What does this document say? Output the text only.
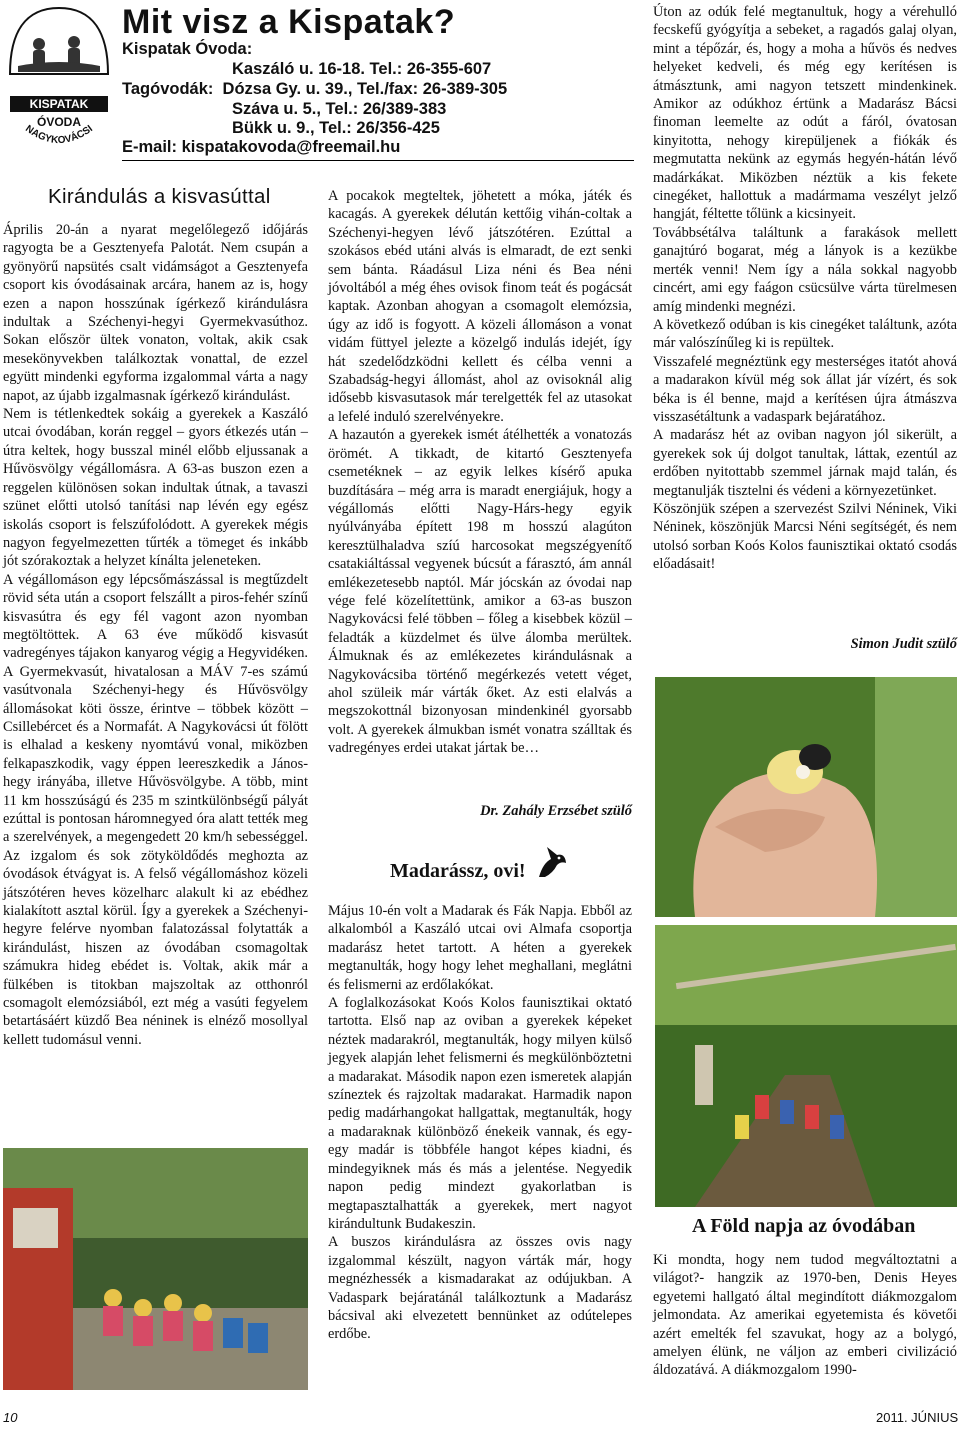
KISPATAK
ÓVODA
NAGYKOVÁCSI
Mit visz a Kispatak?
Kispatak Óvoda:
Kaszáló u. 16-18. Tel.: 26-355-607
Tagóvodák:  Dózsa Gy. u. 39., Tel./fax: 26-389-305
Száva u. 5., Tel.: 26/389-383
Bükk u. 9., Tel.: 26/356-425
E-mail: kispatakovoda@freemail.hu
Kirándulás a kisvasúttal

Április 20-án a nyarat megelőlegező időjárás ragyogta be a Gesztenyefa Palotát. Nem csupán a gyönyörű napsütés csalt vidámságot a Gesztenyefa csoport kis óvodásainak arcára, hanem az is, hogy ezen a napon hosszúnak ígérkező kirándulásra indultak a Széchenyi-hegyi Gyermekvasúthoz. Sokan először ültek vonaton, voltak, akik csak mesekönyvekben találkoztak vonattal, de ezzel együtt mindenki egyforma izgalommal várta a nagy napot, az újabb izgalmasnak ígérkező kirándulást.

Nem is tétlenkedtek sokáig a gyerekek a Kaszáló utcai óvodában, korán reggel – gyors étkezés után – útra keltek, hogy busszal minél előbb eljussanak a Hűvösvölgy végállomásra. A 63-as buszon ezen a reggelen különösen sokan indultak útnak, a tavaszi szünet előtti utolsó tanítási nap lévén egy egész iskolás csoport is felszúfolódott. A gyerekek mégis nagyon fegyelmezetten tűrték a tömeget és inkább jót szórakoztak a helyzet kínálta jeleneteken.

A végállomáson egy lépcsőmászással is megtűzdelt rövid séta után a csoport felszállt a piros-fehér színű kisvasútra és egy fél vagont azon nyomban megtöltöttek. A 63 éve működő kisvasút vadregényes tájakon kanyarog végig a Hegyvidéken. A Gyermekvasút, hivatalosan a MÁV 7-es számú vasútvonala Széchenyi-hegy és Hűvösvölgy állomásokat köti össze, érintve – többek között – Csillebércet és a Normafát. A Nagykovácsi út fölött is elhalad a keskeny nyomtávú vonal, miközben felkapaszkodik, vagy éppen leereszkedik a János-hegy irányába, illetve Hűvösvölgybe. A több, mint 11 km hosszúságú és 235 m szintkülönbségű pályát ezúttal is pontosan háromnegyed óra alatt tették meg a szerelvények, a megengedett 20 km/h sebességgel. Az izgalom és sok zötyköldődés meghozta az óvodások étvágyat is. A felső végállomáshoz közeli játszótéren heves közelharc alakult ki az ebédhez kialakított asztal körül. Így a gyerekek a Széchenyi-hegyre felérve nyomban falatozással folytatták a kirándulást, hiszen az óvodában csomagoltak számukra hideg ebédet is. Voltak, akik már a fülkében is titokban majszoltak az otthonról csomagolt elemózsiából, ezt még a vasúti fegyelem betartásáért küzdő Bea néninek is elnéző mosollyal kellett tudomásul venni.

A pocakok megteltek, jöhetett a móka, játék és kacagás. A gyerekek délután kettőig vihán-coltak a Széchenyi-hegyen lévő játszótéren. Ezúttal a szokásos ebéd utáni alvás is elmaradt, de ezt senki sem bánta. Ráadásul Liza néni és Bea néni jóvoltából a még éhes ovisok finom teát és pogácsát kaptak. Azonban ahogyan a csomagolt elemózsia, úgy az idő is fogyott. A közeli állomáson a vonat vidám füttyel jelezte a közelgő indulás idejét, így hát szedelődzködni kellett és célba venni a Szabadság-hegyi állomást, ahol az ovisoknál alig idősebb kisvasutasok már terelgették fel az utasokat a lefelé induló szerelvényekre.

A hazautón a gyerekek ismét átélhették a vonatozás örömét. A tikkadt, de kitartó Gesztenyefa csemetéknek – az egyik lelkes kísérő apuka buzdítására – még arra is maradt energiájuk, hogy a végállomás előtti Nagy-Hárs-hegy egyik nyúlványába épített 198 m hosszú alagúton keresztülhaladva szíú harcosokat megszégyenítő csatakiáltással vegyenek búcsút a fárasztó, ám annál emlékezetesebb naptól. Már jócskán az óvodai nap vége felé közelítettünk, amikor a 63-as buszon Nagykovácsi felé többen – főleg a kisebbek közül – feladták a küzdelmet és ülve álomba merültek. Álmuknak és az emlékezetes kirándulásnak a Nagykovácsiba történő megérkezés vetett véget, ahol szüleik már várták őket. Az esti elalvás a megszokottnál bizonyosan mindenkinél gyorsabb volt. A gyerekek álmukban ismét vonatra szálltak és vadregényes erdei utakat jártak be…

Dr. Zahály Erzsébet szülő
Madarássz, ovi!

Május 10-én volt a Madarak és Fák Napja. Ebből az alkalomból a Kaszáló utcai ovi Almafa csoportja madarász hetet tartott. A héten a gyerekek megtanulták, hogy hogy lehet meghallani, meglátni és felismerni az erdőlakókat.

A foglalkozásokat Koós Kolos faunisztikai oktató tartotta. Első nap az oviban a gyerekek képeket néztek madarakról, megtanulták, hogy milyen külső jegyek alapján lehet felismerni és megkülönböztetni a madarakat. Második napon ezen ismeretek alapján színeztek és rajzoltak madarakat. Harmadik napon pedig madárhangokat hallgattak, megtanulták, hogy a madaraknak különböző énekeik vannak, és egy-egy madár is többféle hangot képes kiadni, és mindegyiknek más és más a jelentése. Negyedik napon pedig mindezt gyakorlatban is megtapasztalhatták a gyerekek, mert nagyot kirándultunk Budakeszin.

A buszos kirándulásra az összes ovis nagy izgalommal készült, nagyon várták már, hogy megnézhessék a kismadarakat az odújukban. A Vadaspark bejáratánál találkoztunk a Madarász bácsival aki elvezetett bennünket az odútelepes erdőbe.

Úton az odúk felé megtanultuk, hogy a vérehulló fecskefű gyógyítja a sebeket, a ragadós galaj olyan, mint a tépőzár, és, hogy a moha a hűvös és nedves helyeket kedveli, és még egy kerítésen is átmásztunk, ami nagyon tetszett mindenkinek. Amikor az odúkhoz értünk a Madarász Bácsi finoman leemelte az odút a fáról, óvatosan kinyitotta, nehogy kirepüljenek a fiókák és megmutatta nekünk az egymás hegyén-hátán lévő madárkákat. Miközben néztük a kis fekete cinegéket, hallottuk a madármama veszélyt jelző hangját, féltette tőlünk a kicsinyeit.

Továbbsétálva találtunk a farakások mellett ganajtúró bogarat, még a lányok is a kezükbe merték venni! Nem így a nála sokkal nagyobb cincért, ami egy faágon csücsülve várta türelmesen amíg mindenki megnézi.

A következő odúban is kis cinegéket találtunk, azóta már valószínűleg ki is repültek.

Visszafelé megnéztünk egy mesterséges itatót ahová a madarakon kívül még sok állat jár vízért, és sok béka is él benne, majd a kerítésen újra átmászva visszasétáltunk a vadaspark bejáratához.

A madarász hét az oviban nagyon jól sikerült, a gyerekek sok új dolgot tanultak, láttak, ezentúl az erdőben nyitottabb szemmel járnak majd talán, és megtanulják tisztelni és védeni a környezetünket.

Köszönjük szépen a szervezést Szilvi Néninek, Viki Néninek, köszönjük Marcsi Néni segítségét, és nem utolsó sorban Koós Kolos faunisztikai oktató csodás előadásait!

Simon Judit szülő
A Föld napja az óvodában

Ki mondta, hogy nem tudod megváltoztatni a világot?- hangzik az 1970-ben, Denis Heyes egyetemi hallgató által megindított diákmozgalom jelmondata. Az amerikai egyetemista és követői azért emelték fel szavukat, hogy az a bolygó, amelyen élünk, ne váljon az emberi civilizáció áldozatává. A diákmozgalom 1990-

10	2011. JÚNIUS
